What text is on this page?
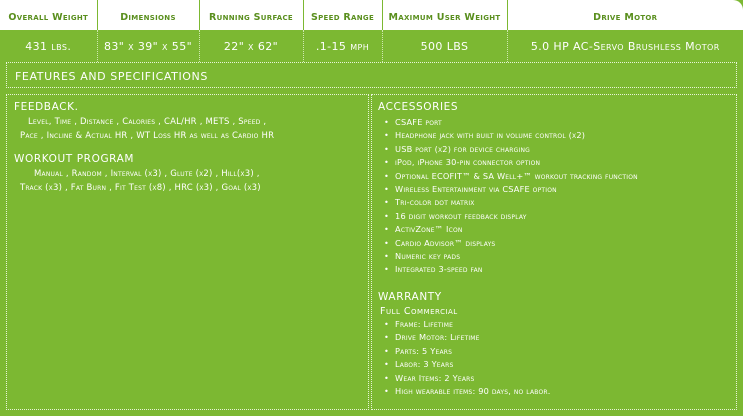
Overall Weight	Dimensions	Running Surface	Speed Range	Maximum User Weight	Drive Motor
431 lbs.	83" x 39" x 55"	22" x 62"	.1-15 mph	500 LBS	5.0 HP AC-Servo Brushless Motor
FEATURES AND SPECIFICATIONS
FEEDBACK.
Level, Time , Distance , Calories , CAL/HR , METS , Speed ,
Pace , Incline & Actual HR , WT Loss HR as well as Cardio HR
WORKOUT PROGRAM
Manual , Random , Interval (x3) , Glute (x2) , Hill(x3) ,
Track (x3) , Fat Burn , Fit Test (x8) , HRC (x3) , Goal (x3)
ACCESSORIES
• CSAFE port
• Headphone jack with built in volume control (x2)
• USB port (x2) for device charging
• iPod, iPhone 30-pin connector option
• Optional ECOFIT™ & SA Well+™ workout tracking function
• Wireless Entertainment via CSAFE option
• Tri-color dot matrix
• 16 digit workout feedback display
• ActivZone™ Icon
• Cardio Advisor™ displays
• Numeric key pads
• Integrated 3-speed fan
WARRANTY
Full Commercial
• Frame: Lifetime
• Drive Motor: Lifetime
• Parts: 5 Years
• Labor: 3 Years
• Wear Items: 2 Years
• High wearable items: 90 days, no labor.
